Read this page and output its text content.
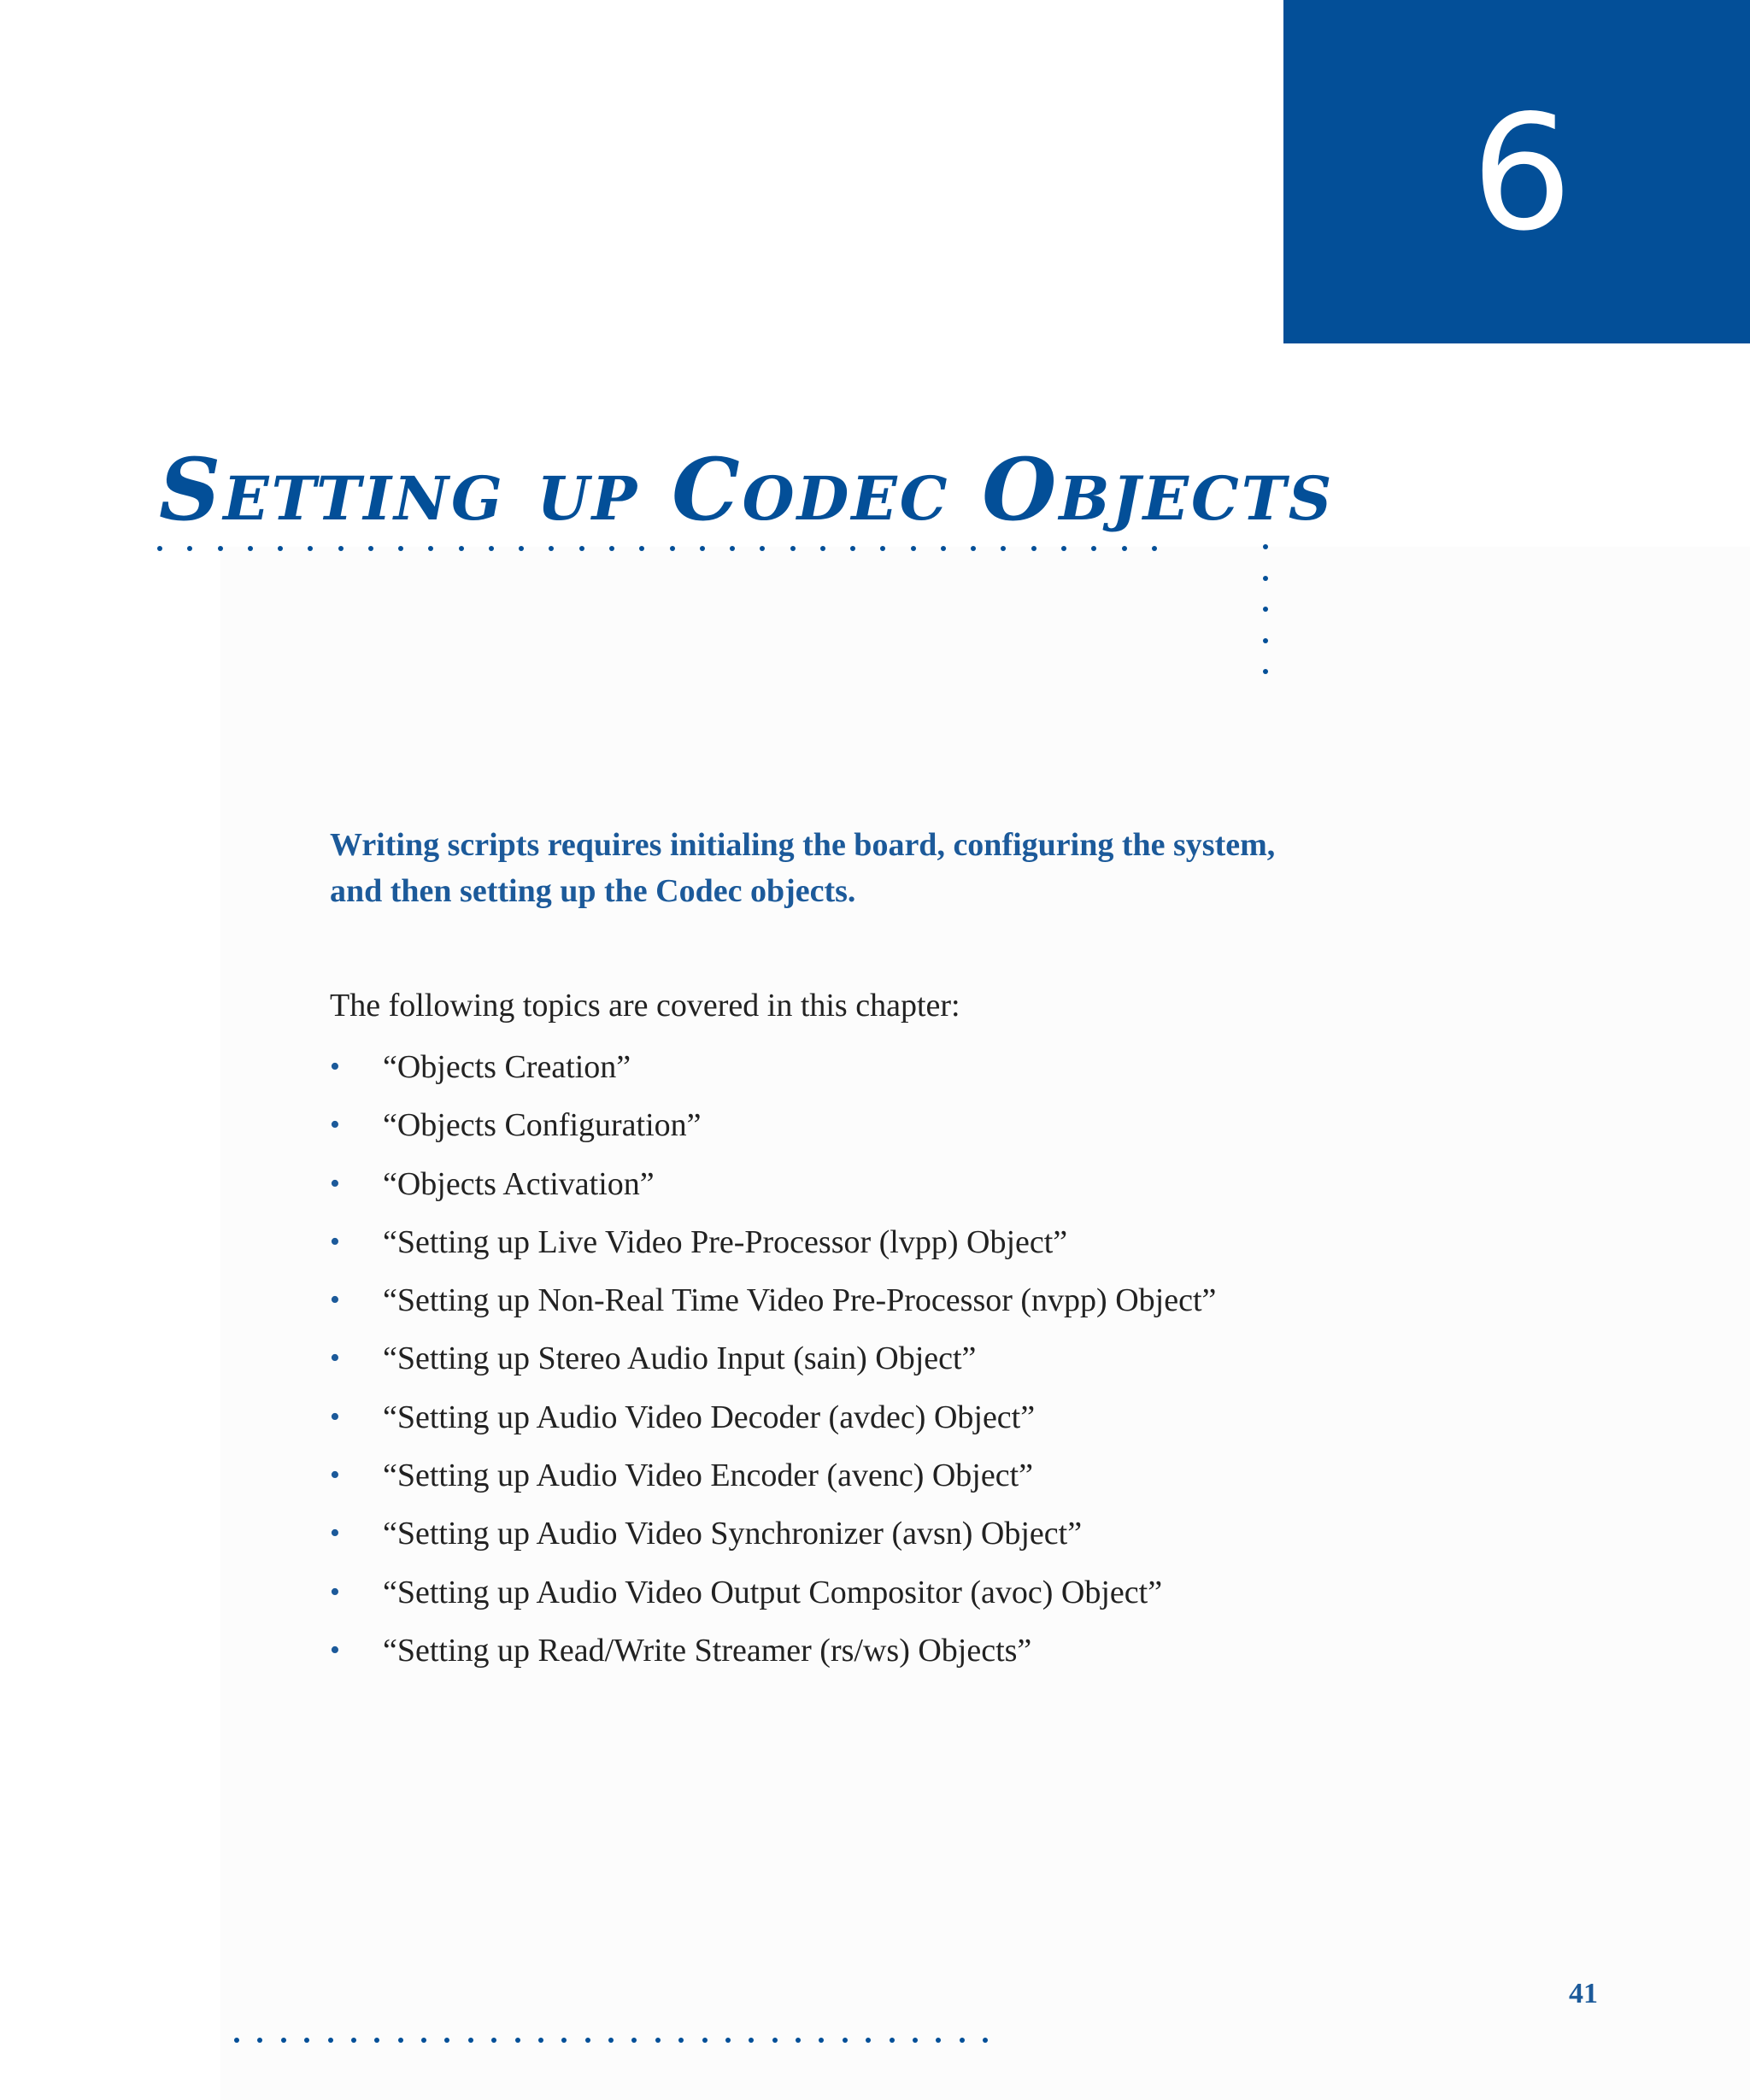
6
Setting up Codec Objects

Writing scripts requires initialing the board, configuring the system, and then setting up the Codec objects.

The following topics are covered in this chapter:

• “Objects Creation”
• “Objects Configuration”
• “Objects Activation”
• “Setting up Live Video Pre-Processor (lvpp) Object”
• “Setting up Non-Real Time Video Pre-Processor (nvpp) Object”
• “Setting up Stereo Audio Input (sain) Object”
• “Setting up Audio Video Decoder (avdec) Object”
• “Setting up Audio Video Encoder (avenc) Object”
• “Setting up Audio Video Synchronizer (avsn) Object”
• “Setting up Audio Video Output Compositor (avoc) Object”
• “Setting up Read/Write Streamer (rs/ws) Objects”
41
